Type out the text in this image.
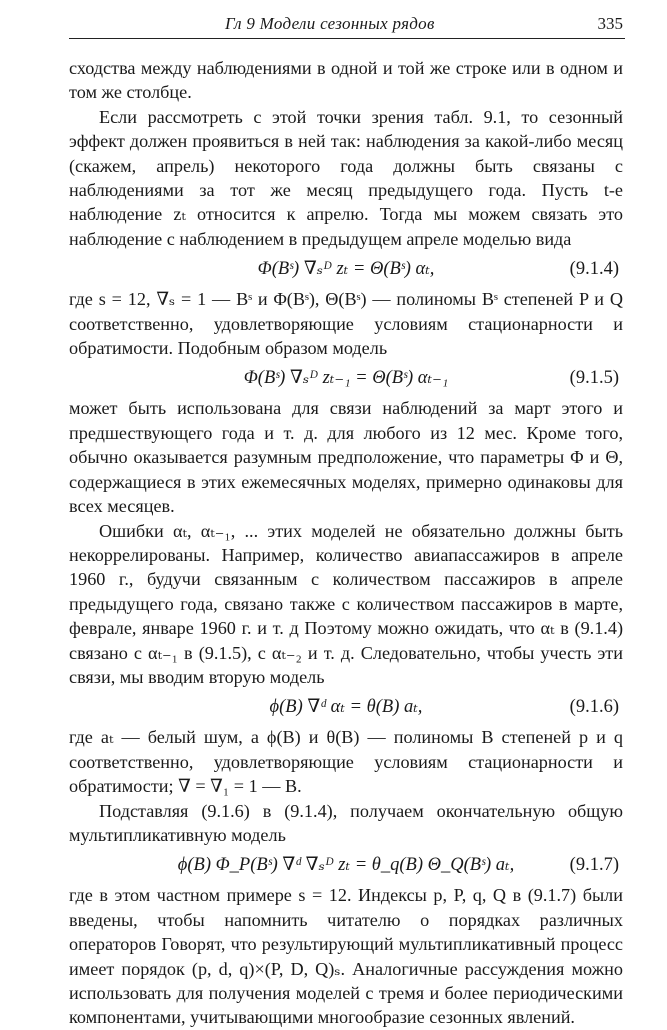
Гл 9 Модели сезонных рядов	335

сходства между наблюдениями в одной и той же строке или в одном и том же столбце.

Если рассмотреть с этой точки зрения табл. 9.1, то сезонный эффект должен проявиться в ней так: наблюдения за какой-либо месяц (скажем, апрель) некоторого года должны быть связаны с наблюдениями за тот же месяц предыдущего года. Пусть t-е наблюдение zₜ относится к апрелю. Тогда мы можем связать это наблюдение с наблюдением в предыдущем апреле моделью вида

Φ(Bˢ) ∇ₛᴰ zₜ = Θ(Bˢ) αₜ,	(9.1.4)

где s = 12, ∇ₛ = 1 — Bˢ и Φ(Bˢ), Θ(Bˢ) — полиномы Bˢ степеней P и Q соответственно, удовлетворяющие условиям стационарности и обратимости. Подобным образом модель

Φ(Bˢ) ∇ₛᴰ zₜ₋₁ = Θ(Bˢ) αₜ₋₁	(9.1.5)

может быть использована для связи наблюдений за март этого и предшествующего года и т. д. для любого из 12 мес. Кроме того, обычно оказывается разумным предположение, что параметры Φ и Θ, содержащиеся в этих ежемесячных моделях, примерно одинаковы для всех месяцев.

Ошибки αₜ, αₜ₋₁, ... этих моделей не обязательно должны быть некоррелированы. Например, количество авиапассажиров в апреле 1960 г., будучи связанным с количеством пассажиров в апреле предыдущего года, связано также с количеством пассажиров в марте, феврале, январе 1960 г. и т. д Поэтому можно ожидать, что αₜ в (9.1.4) связано с αₜ₋₁ в (9.1.5), с αₜ₋₂ и т. д. Следовательно, чтобы учесть эти связи, мы вводим вторую модель

ϕ(B) ∇ᵈ αₜ = θ(B) aₜ,	(9.1.6)

где aₜ — белый шум, а ϕ(B) и θ(B) — полиномы B степеней p и q соответственно, удовлетворяющие условиям стационарности и обратимости; ∇ = ∇₁ = 1 — B.

Подставляя (9.1.6) в (9.1.4), получаем окончательную общую мультипликативную модель

ϕ(B) Φ_P(Bˢ) ∇ᵈ ∇ₛᴰ zₜ = θ_q(B) Θ_Q(Bˢ) aₜ,	(9.1.7)

где в этом частном примере s = 12. Индексы p, P, q, Q в (9.1.7) были введены, чтобы напомнить читателю о порядках различных операторов Говорят, что результирующий мультипликативный процесс имеет порядок (p, d, q)×(P, D, Q)ₛ. Аналогичные рассуждения можно использовать для получения моделей с тремя и более периодическими компонентами, учитывающими многообразие сезонных явлений.
